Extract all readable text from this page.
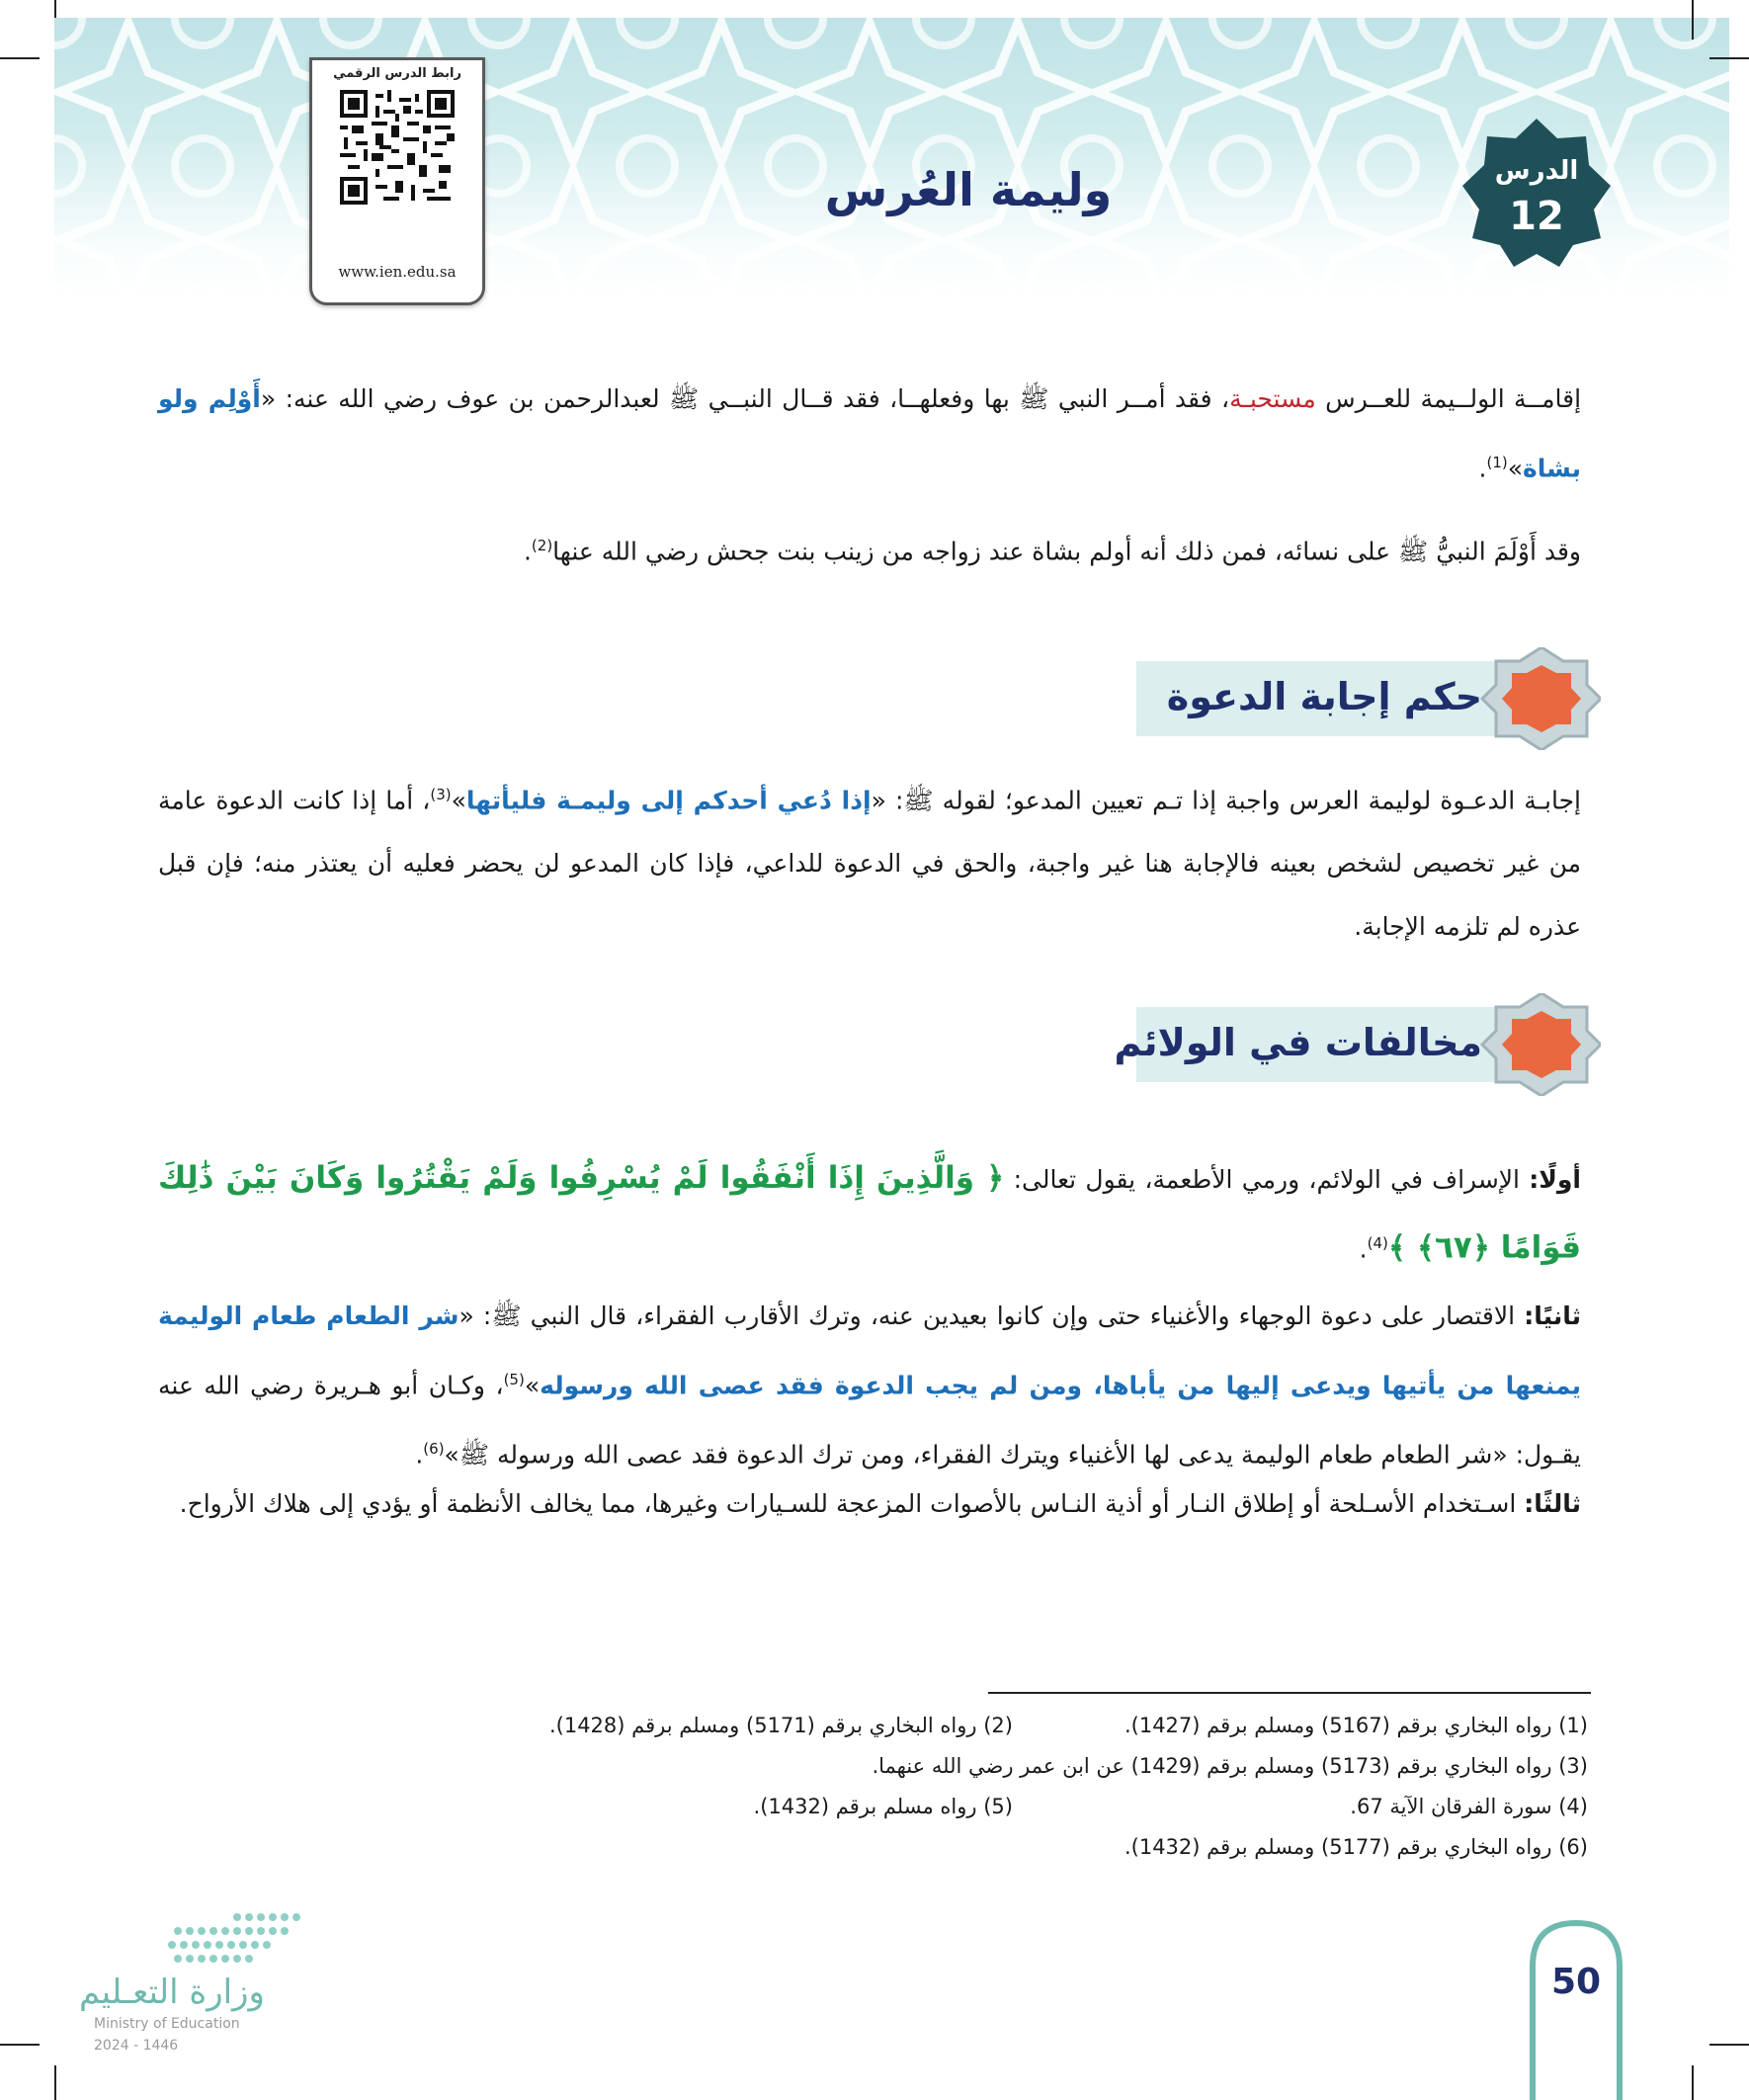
رابط الدرس الرقمي
www.ien.edu.sa
الدرس
12
وليمة العُرس
إقامــة الولــيمة للعــرس مستحبـة، فقد أمــر النبي ﷺ بها وفعلهــا، فقد قــال النبــي ﷺ لعبدالرحمن بن عوف رضي الله عنه: «أَوْلِم ولو بشاة»$^{(1)}$.
وقد أَوْلَمَ النبيُّ ﷺ على نسائه، فمن ذلك أنه أولم بشاة عند زواجه من زينب بنت جحش رضي الله عنها$^{(2)}$.
حكم إجابة الدعوة
إجابـة الدعـوة لوليمة العرس واجبة إذا تـم تعيين المدعو؛ لقوله ﷺ: «إذا دُعي أحدكم إلى وليمـة فليأتها»$^{(3)}$، أما إذا كانت الدعوة عامة من غير تخصيص لشخص بعينه فالإجابة هنا غير واجبة، والحق في الدعوة للداعي، فإذا كان المدعو لن يحضر فعليه أن يعتذر منه؛ فإن قبل عذره لم تلزمه الإجابة.
مخالفات في الولائم
أولًا: الإسراف في الولائم، ورمي الأطعمة، يقول تعالى: ﴿ وَالَّذِينَ إِذَا أَنْفَقُوا لَمْ يُسْرِفُوا وَلَمْ يَقْتُرُوا وَكَانَ بَيْنَ ذَٰلِكَ قَوَامًا ﴿٦٧﴾ ﴾$^{(4)}$.
ثانيًا: الاقتصار على دعوة الوجهاء والأغنياء حتى وإن كانوا بعيدين عنه، وترك الأقارب الفقراء، قال النبي ﷺ: «شر الطعام طعام الوليمة يمنعها من يأتيها ويدعى إليها من يأباها، ومن لم يجب الدعوة فقد عصى الله ورسوله»$^{(5)}$، وكـان أبو هـريرة رضي الله عنه يقـول: «شر الطعام طعام الوليمة يدعى لها الأغنياء ويترك الفقراء، ومن ترك الدعوة فقد عصى الله ورسوله ﷺ»$^{(6)}$.
ثالثًا: اسـتخدام الأسـلحة أو إطلاق النـار أو أذية النـاس بالأصوات المزعجة للسـيارات وغيرها، مما يخالف الأنظمة أو يؤدي إلى هلاك الأرواح.
(1) رواه البخاري برقم (5167) ومسلم برقم (1427).
(2) رواه البخاري برقم (5171) ومسلم برقم (1428).
(3) رواه البخاري برقم (5173) ومسلم برقم (1429) عن ابن عمر رضي الله عنهما.
(4) سورة الفرقان الآية 67.
(5) رواه مسلم برقم (1432).
(6) رواه البخاري برقم (5177) ومسلم برقم (1432).
وزارة التعـليم
Ministry of Education
2024 - 1446
50
